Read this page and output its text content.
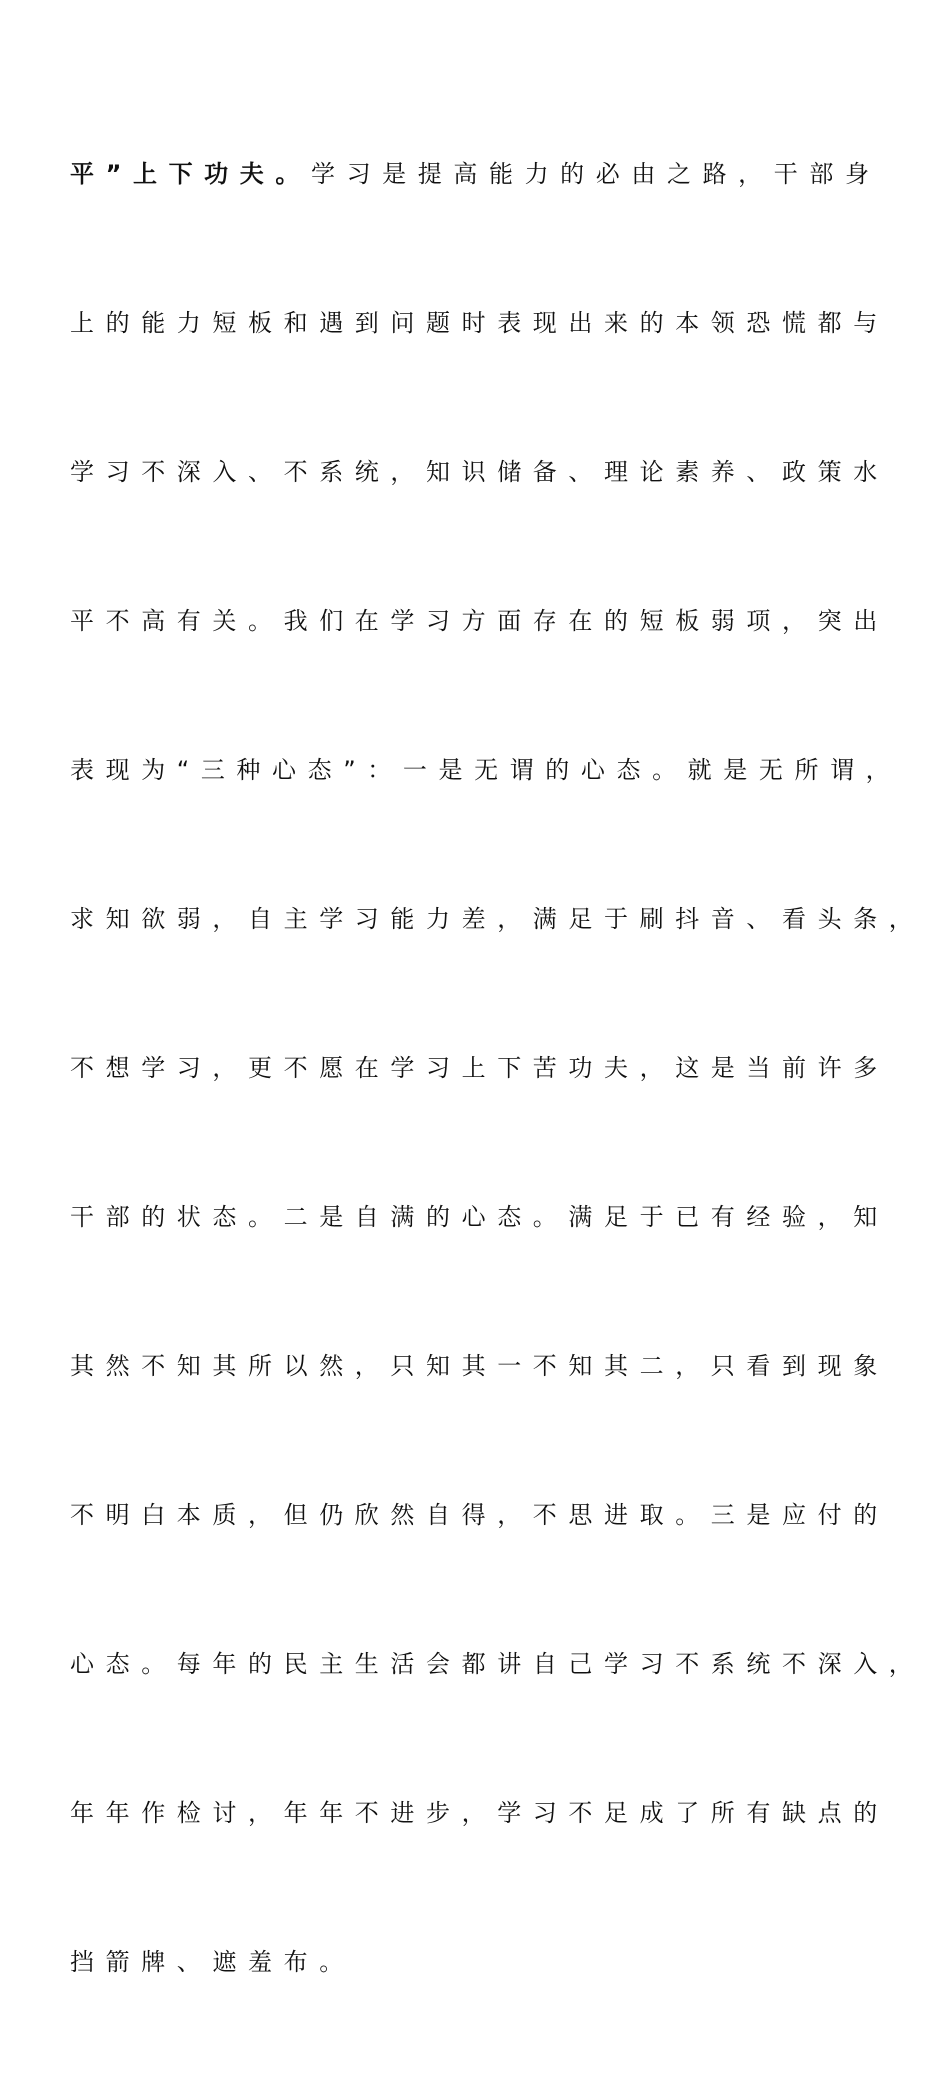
平”上下功夫。学习是提高能力的必由之路，干部身

上的能力短板和遇到问题时表现出来的本领恐慌都与

学习不深入、不系统，知识储备、理论素养、政策水

平不高有关。我们在学习方面存在的短板弱项，突出

表现为“三种心态”：一是无谓的心态。就是无所谓，

求知欲弱，自主学习能力差，满足于刷抖音、看头条，

不想学习，更不愿在学习上下苦功夫，这是当前许多

干部的状态。二是自满的心态。满足于已有经验，知

其然不知其所以然，只知其一不知其二，只看到现象

不明白本质，但仍欣然自得，不思进取。三是应付的

心态。每年的民主生活会都讲自己学习不系统不深入，

年年作检讨，年年不进步，学习不足成了所有缺点的

挡箭牌、遮羞布。
